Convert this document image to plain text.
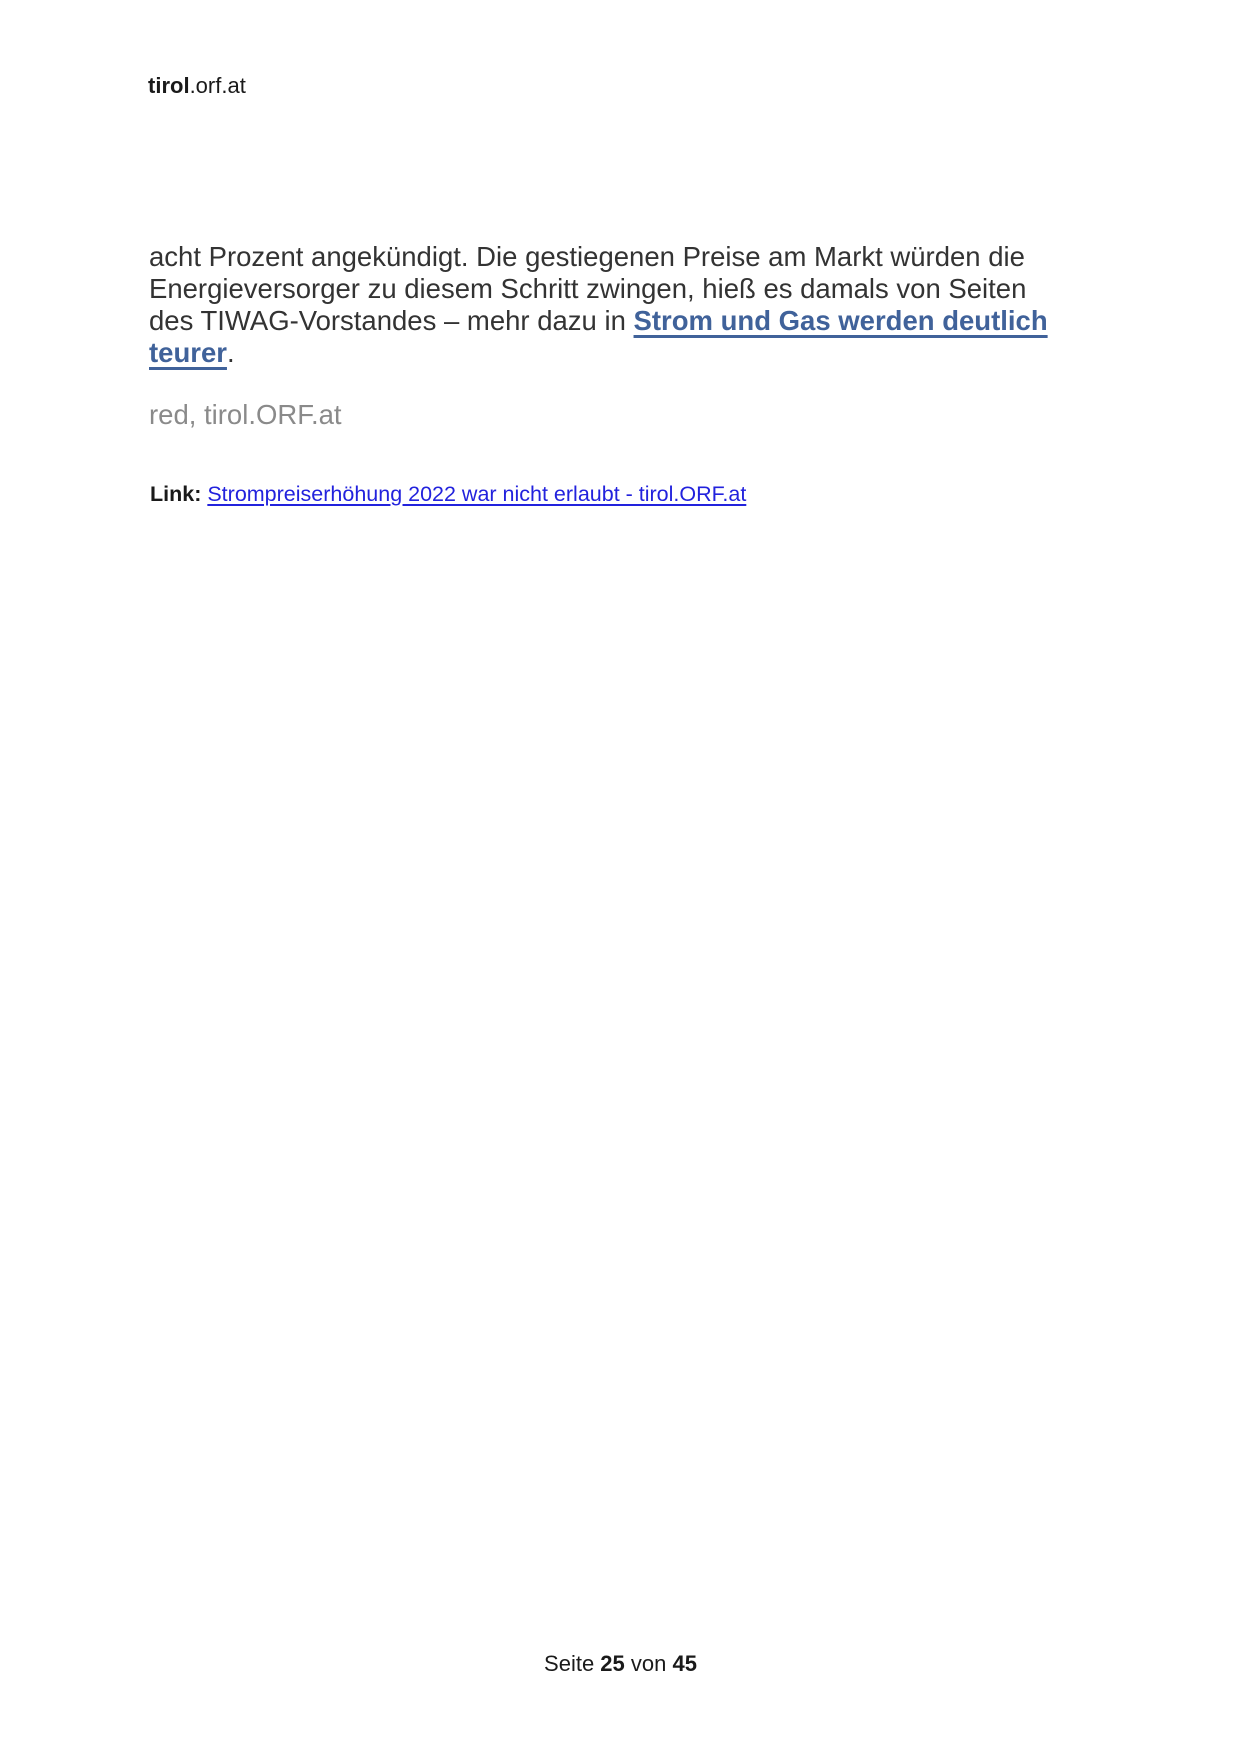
tirol.orf.at
acht Prozent angekündigt. Die gestiegenen Preise am Markt würden die
Energieversorger zu diesem Schritt zwingen, hieß es damals von Seiten
des TIWAG-Vorstandes – mehr dazu in Strom und Gas werden deutlich
teurer.
red, tirol.ORF.at
Link: Strompreiserhöhung 2022 war nicht erlaubt - tirol.ORF.at
Seite 25 von 45
